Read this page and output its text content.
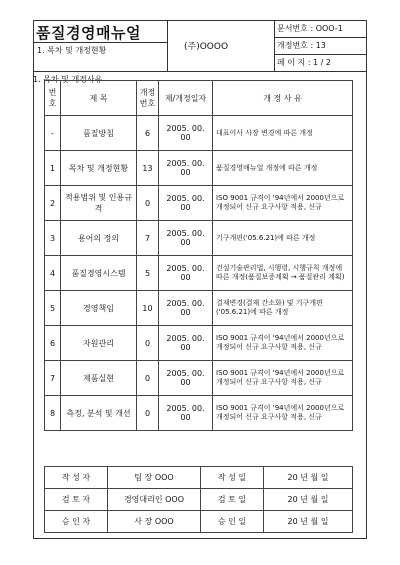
품질경영매뉴얼
1. 목차 및 개정현황	(주)OOOO
문서번호 : OOO-1
개정번호 : 13
페 이 지 : 1 / 2
1. 목차 및 개정사유
번호	제 목	개정번호	제/개정일자	개 정 사 유
-	품질방침	6	2005. 00. 00	대표이사 사장 변경에 따른 개정
1	목차 및 개정현황	13	2005. 00. 00	품질경영매뉴얼 개정에 따른 개정
2	적용범위 및 인용규격	0	2005. 00. 00	ISO 9001 규격이 '94년에서 2000년으로 개정되어 신규 요구사항 적용, 신규
3	용어의 정의	7	2005. 00. 00	기구개편('05.6.21)에 따른 개정
4	품질경영시스템	5	2005. 00. 00	건설기술관리법, 시행령, 시행규칙 개정에 따른 개정(품질보증계획 → 품질관리 계획)
5	경영책임	10	2005. 00. 00	결재변경(결재 간소화) 및 기구개편('05.6.21)에 따른 개정
6	자원관리	0	2005. 00. 00	ISO 9001 규격이 '94년에서 2000년으로 개정되어 신규 요구사항 적용, 신규
7	제품실현	0	2005. 00. 00	ISO 9001 규격이 '94년에서 2000년으로 개정되어 신규 요구사항 적용, 신규
8	측정, 분석 및 개선	0	2005. 00. 00	ISO 9001 규격이 '94년에서 2000년으로 개정되어 신규 요구사항 적용, 신규
작 성 자	팀 장 OOO	작 성 일	20 년 월 일
검 토 자	경영대리인 OOO	검 토 일	20 년 월 일
승 인 자	사 장 OOO	승 인 일	20 년 월 일
